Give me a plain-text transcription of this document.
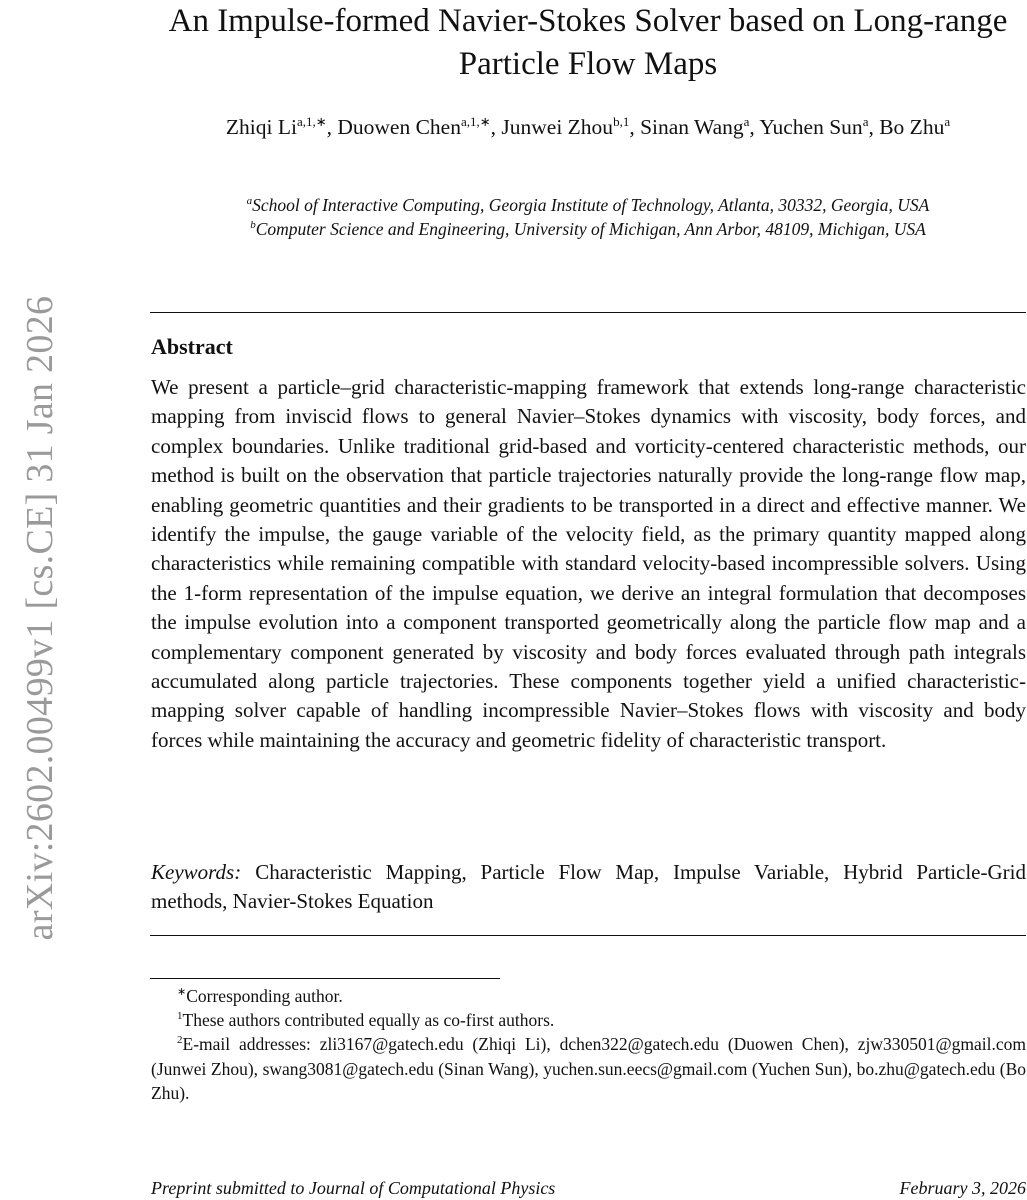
arXiv:2602.00499v1 [cs.CE] 31 Jan 2026
An Impulse-formed Navier-Stokes Solver based on Long-range
Particle Flow Maps
Zhiqi $Li^{a,1,∗}$, Duowen Chen$^{a,1,∗}$, Junwei Zhou$^{b,1}$, Sinan Wang$^a$, Yuchen Sun$^a$, Bo Zhu$^a$
$^a$School of Interactive Computing, Georgia Institute of Technology, Atlanta, 30332, Georgia, USA
$^b$Computer Science and Engineering, University of Michigan, Ann Arbor, 48109, Michigan, USA
Abstract
We present a particle–grid characteristic-mapping framework that extends long-range characteristic mapping from inviscid flows to general Navier–Stokes dynamics with viscosity, body forces, and complex boundaries. Unlike traditional grid-based and vorticity-centered characteristic methods, our method is built on the observation that particle trajectories naturally provide the long-range flow map, enabling geometric quantities and their gradients to be transported in a direct and effective manner. We identify the impulse, the gauge variable of the velocity field, as the primary quantity mapped along characteristics while remaining compatible with standard velocity-based incompressible solvers. Using the 1-form representation of the impulse equation, we derive an integral formulation that decomposes the impulse evolution into a component transported geometrically along the particle flow map and a complementary component generated by viscosity and body forces evaluated through path integrals accumulated along particle trajectories. These components together yield a unified characteristic-mapping solver capable of handling incompressible Navier–Stokes flows with viscosity and body forces while maintaining the accuracy and geometric fidelity of characteristic transport.
Keywords: Characteristic Mapping, Particle Flow Map, Impulse Variable, Hybrid Particle-Grid methods, Navier-Stokes Equation

∗Corresponding author.

$^1$These authors contributed equally as co-first authors.

$^2$E-mail addresses: zli3167@gatech.edu (Zhiqi Li), dchen322@gatech.edu (Duowen Chen), zjw330501@gmail.com (Junwei Zhou), swang3081@gatech.edu (Sinan Wang), yuchen.sun.eecs@gmail.com (Yuchen Sun), bo.zhu@gatech.edu (Bo Zhu).

Preprint submitted to Journal of Computational Physics	February 3, 2026
